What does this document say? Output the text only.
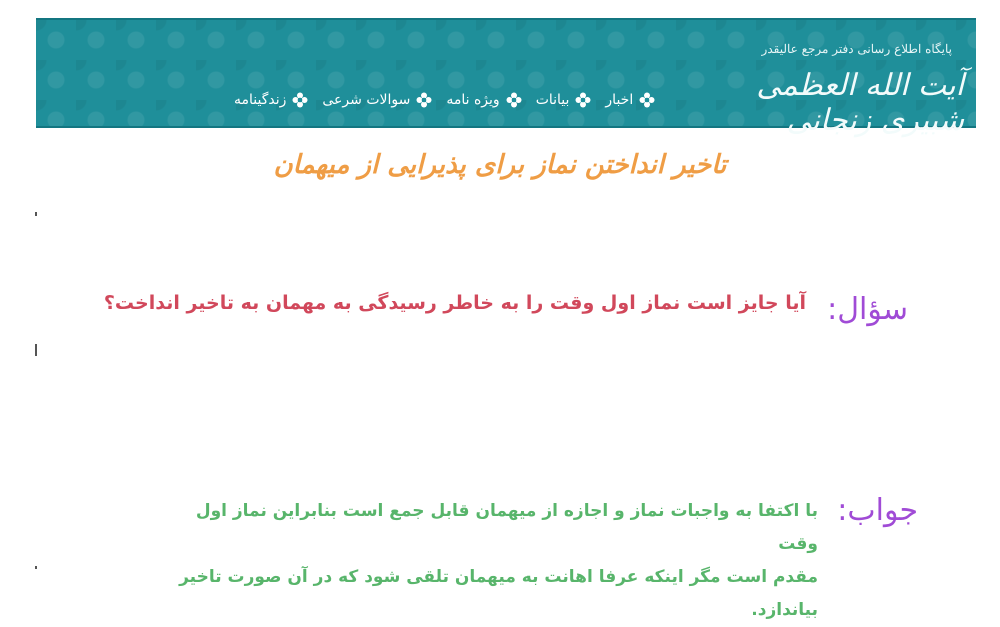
اخبار
بیانات
ویژه نامه
سوالات شرعی
زندگینامه
پایگاه اطلاع رسانی دفتر مرجع عالیقدر
آیت الله العظمی شبیری زنجانی
تاخیر انداختن نماز برای پذیرایی از میهمان
سؤال:
آیا جایز است نماز اول وقت را به خاطر رسیدگی به مهمان به تاخیر انداخت؟
جواب:
با اکتفا به واجبات نماز و اجازه از میهمان قابل جمع است بنابراین نماز اول وقت
مقدم است مگر اینکه عرفا اهانت به میهمان تلقی شود که در آن صورت تاخیر بیاندازد.
